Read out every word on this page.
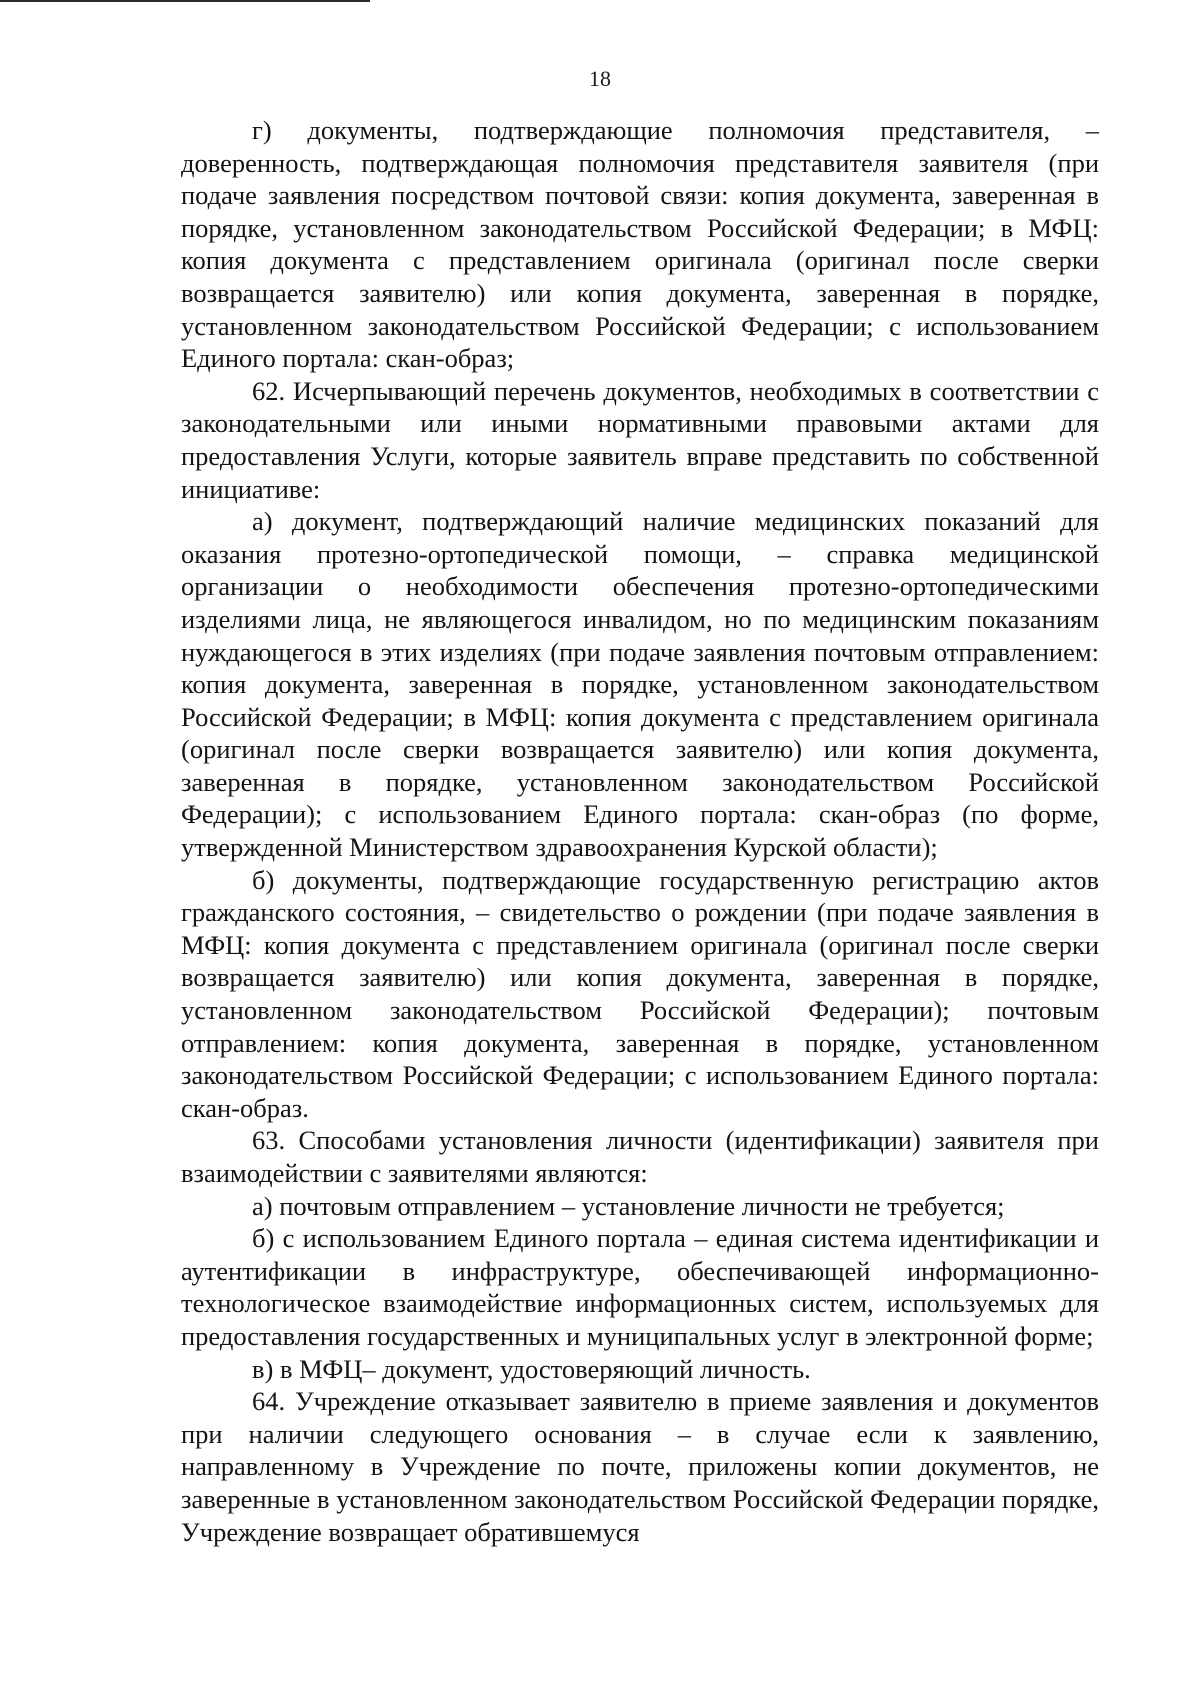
18

г) документы, подтверждающие полномочия представителя, – доверенность, подтверждающая полномочия представителя заявителя (при подаче заявления посредством почтовой связи: копия документа, заверенная в порядке, установленном законодательством Российской Федерации; в МФЦ: копия документа с представлением оригинала (оригинал после сверки возвращается заявителю) или копия документа, заверенная в порядке, установленном законодательством Российской Федерации; с использованием Единого портала: скан-образ;

62. Исчерпывающий перечень документов, необходимых в соответствии с законодательными или иными нормативными правовыми актами для предоставления Услуги, которые заявитель вправе представить по собственной инициативе:

а) документ, подтверждающий наличие медицинских показаний для оказания протезно-ортопедической помощи, – справка медицинской организации о необходимости обеспечения протезно-ортопедическими изделиями лица, не являющегося инвалидом, но по медицинским показаниям нуждающегося в этих изделиях (при подаче заявления почтовым отправлением: копия документа, заверенная в порядке, установленном законодательством Российской Федерации; в МФЦ: копия документа с представлением оригинала (оригинал после сверки возвращается заявителю) или копия документа, заверенная в порядке, установленном законодательством Российской Федерации); с использованием Единого портала: скан-образ (по форме, утвержденной Министерством здравоохранения Курской области);

б) документы, подтверждающие государственную регистрацию актов гражданского состояния, – свидетельство о рождении (при подаче заявления в МФЦ: копия документа с представлением оригинала (оригинал после сверки возвращается заявителю) или копия документа, заверенная в порядке, установленном законодательством Российской Федерации); почтовым отправлением: копия документа, заверенная в порядке, установленном законодательством Российской Федерации; с использованием Единого портала: скан-образ.

63. Способами установления личности (идентификации) заявителя при взаимодействии с заявителями являются:

а) почтовым отправлением – установление личности не требуется;

б) с использованием Единого портала – единая система идентификации и аутентификации в инфраструктуре, обеспечивающей информационно-технологическое взаимодействие информационных систем, используемых для предоставления государственных и муниципальных услуг в электронной форме;

в) в МФЦ– документ, удостоверяющий личность.

64. Учреждение отказывает заявителю в приеме заявления и документов при наличии следующего основания – в случае если к заявлению, направленному в Учреждение по почте, приложены копии документов, не заверенные в установленном законодательством Российской Федерации порядке, Учреждение возвращает обратившемуся
